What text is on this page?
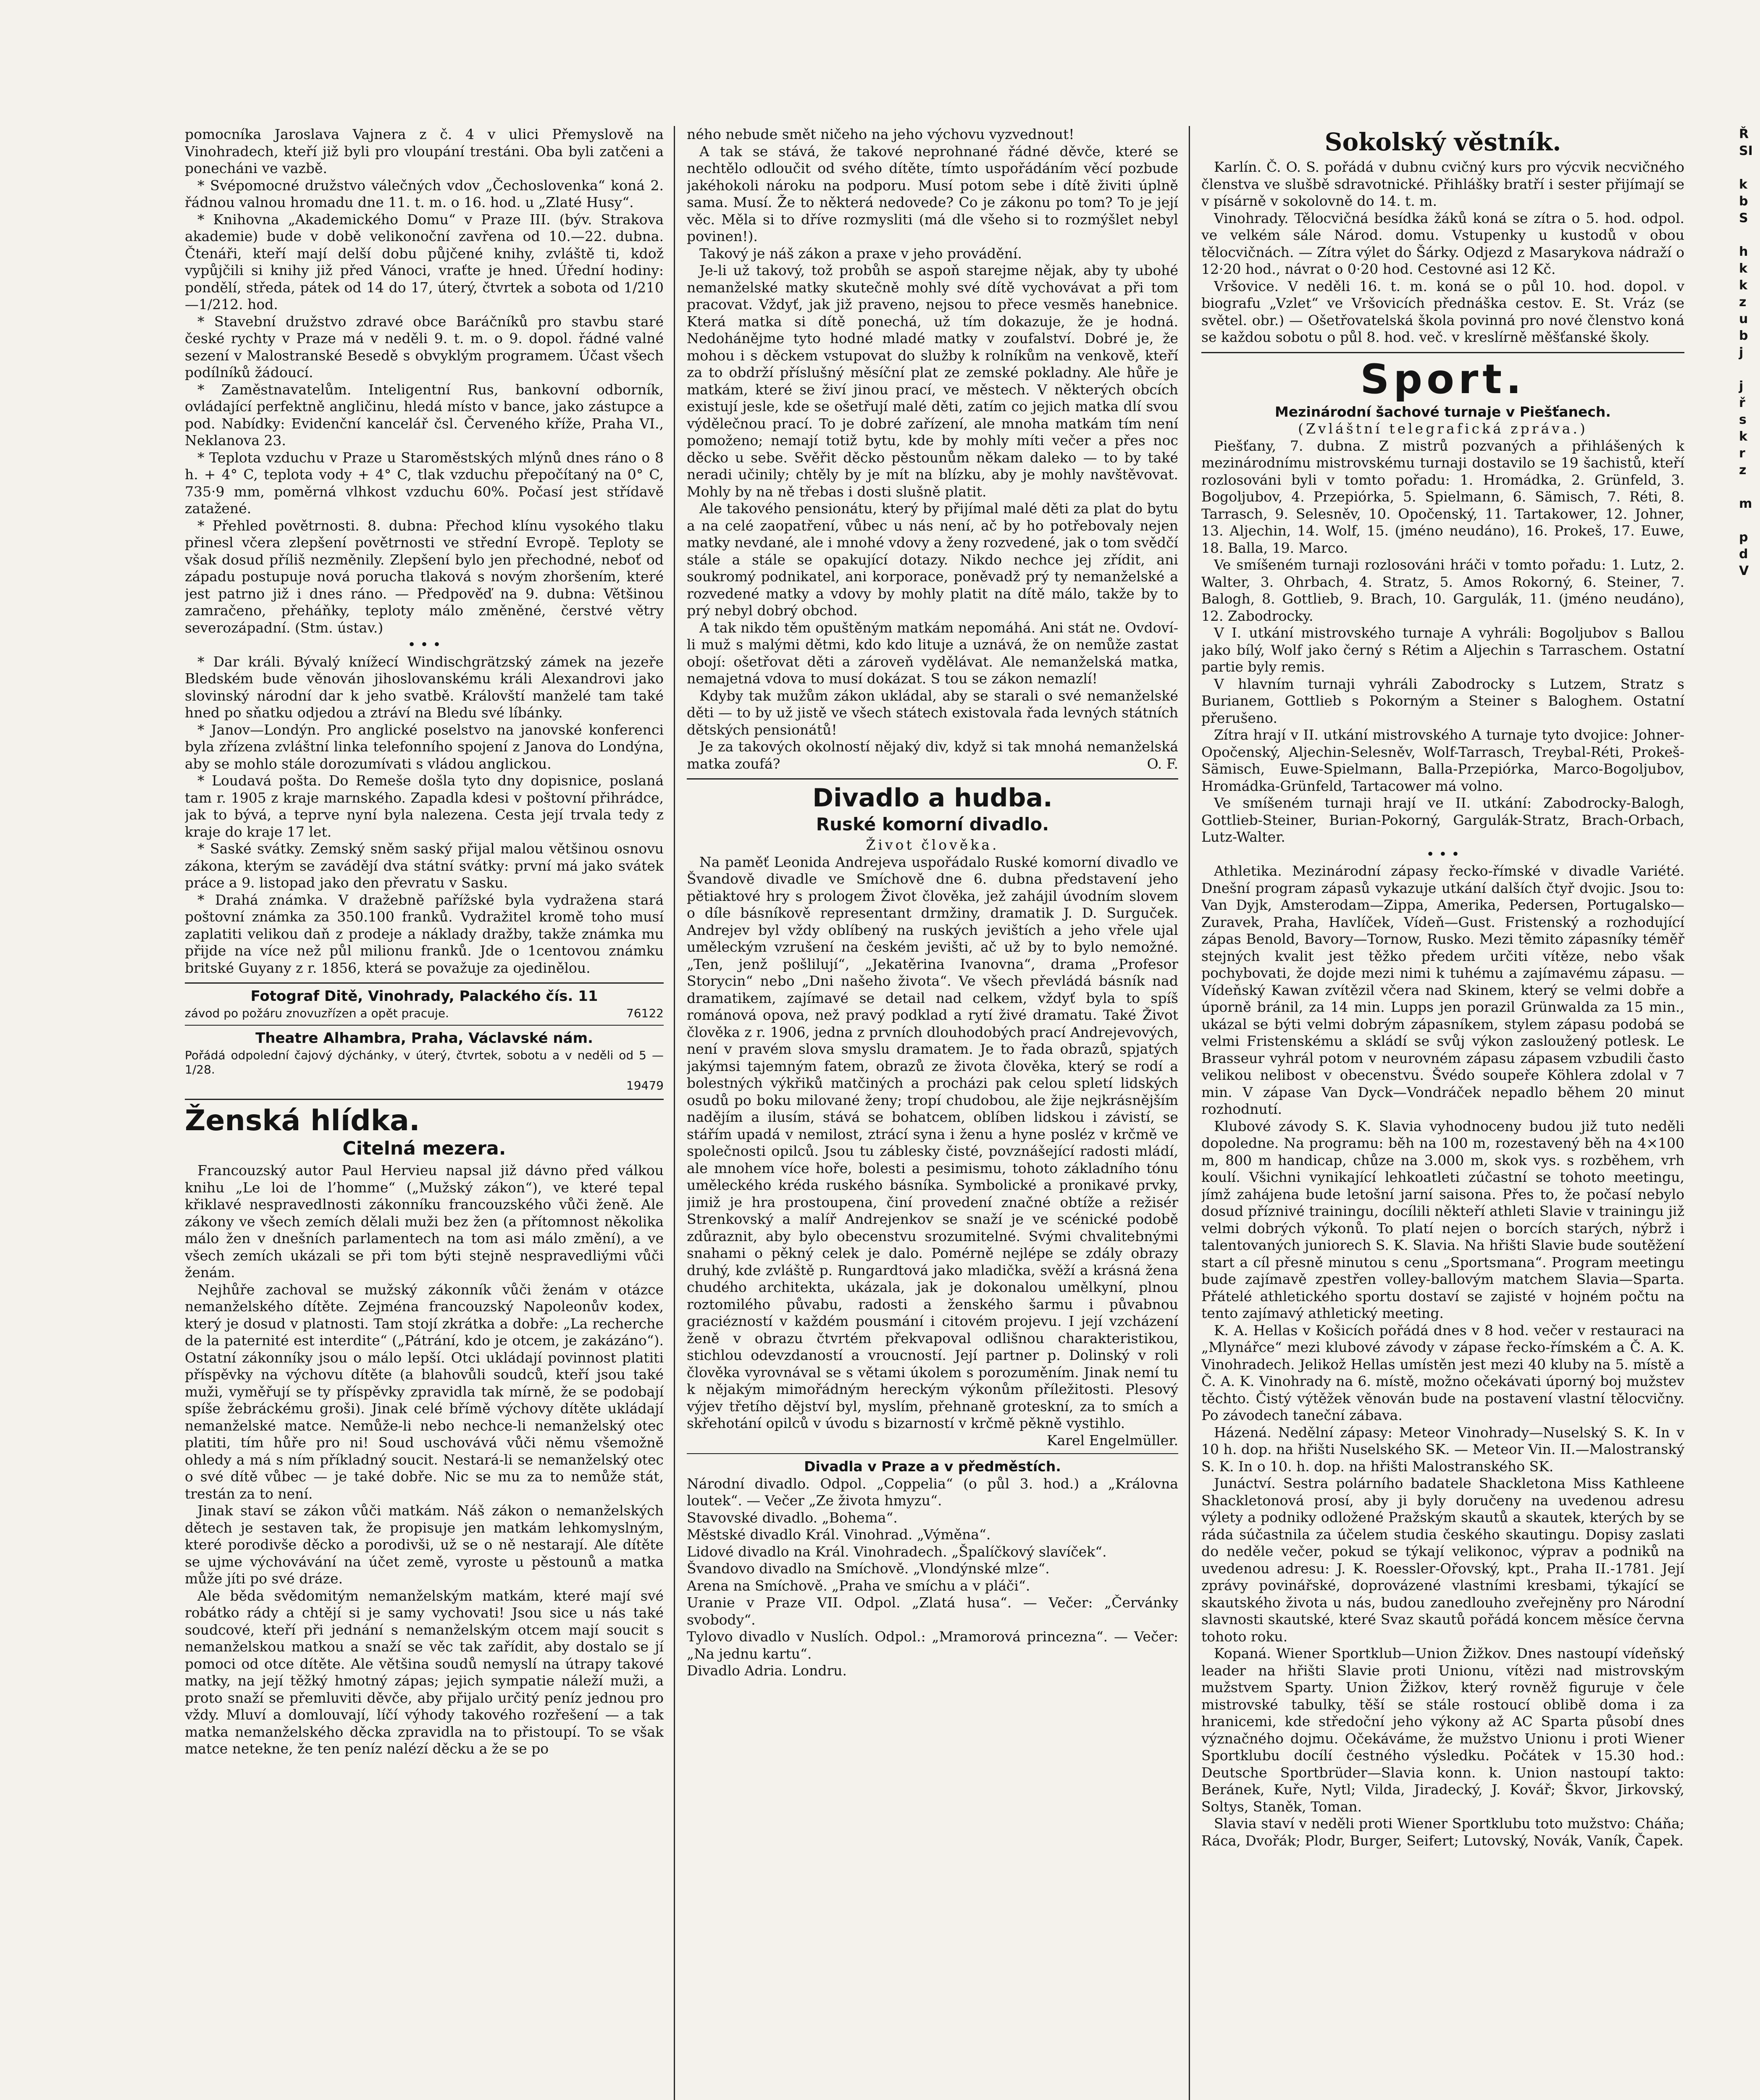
pomocníka Jaroslava Vajnera z č. 4 v ulici Přemyslově na Vinohradech, kteří již byli pro vloupání trestáni. Oba byli zatčeni a ponecháni ve vazbě.

* Svépomocné družstvo válečných vdov „Čechoslovenka“ koná 2. řádnou valnou hromadu dne 11. t. m. o 16. hod. u „Zlaté Husy“.

* Knihovna „Akademického Domu“ v Praze III. (býv. Strakova akademie) bude v době velikonoční zavřena od 10.—22. dubna. Čtenáři, kteří mají delší dobu půjčené knihy, zvláště ti, kdož vypůjčili si knihy již před Vánoci, vraťte je hned. Úřední hodiny: pondělí, středa, pátek od 14 do 17, úterý, čtvrtek a sobota od 1/210—1/212. hod.

* Stavební družstvo zdravé obce Baráčníků pro stavbu staré české rychty v Praze má v neděli 9. t. m. o 9. dopol. řádné valné sezení v Malostranské Besedě s obvyklým programem. Účast všech podílníků žádoucí.

* Zaměstnavatelům. Inteligentní Rus, bankovní odborník, ovládající perfektně angličinu, hledá místo v bance, jako zástupce a pod. Nabídky: Evidenční kancelář čsl. Červeného kříže, Praha VI., Neklanova 23.

* Teplota vzduchu v Praze u Staroměstských mlýnů dnes ráno o 8 h. + 4° C, teplota vody + 4° C, tlak vzduchu přepočítaný na 0° C, 735·9 mm, poměrná vlhkost vzduchu 60%. Počasí jest střídavě zatažené.

* Přehled povětrnosti. 8. dubna: Přechod klínu vysokého tlaku přinesl včera zlepšení povětrnosti ve střední Evropě. Teploty se však dosud příliš nezměnily. Zlepšení bylo jen přechodné, neboť od západu postupuje nová porucha tlaková s novým zhoršením, které jest patrno již i dnes ráno. — Předpověď na 9. dubna: Většinou zamračeno, přeháňky, teploty málo změněné, čerstvé větry severozápadní. (Stm. ústav.)

• • •

* Dar králi. Bývalý knížecí Windischgrätzský zámek na jezeře Bledském bude věnován jihoslovanskému králi Alexandrovi jako slovinský národní dar k jeho svatbě. Královští manželé tam také hned po sňatku odjedou a ztráví na Bledu své líbánky.

* Janov—Londýn. Pro anglické poselstvo na janovské konferenci byla zřízena zvláštní linka telefonního spojení z Janova do Londýna, aby se mohlo stále dorozumívati s vládou anglickou.

* Loudavá pošta. Do Remeše došla tyto dny dopisnice, poslaná tam r. 1905 z kraje marnského. Zapadla kdesi v poštovní přihrádce, jak to bývá, a teprve nyní byla nalezena. Cesta její trvala tedy z kraje do kraje 17 let.

* Saské svátky. Zemský sněm saský přijal malou většinou osnovu zákona, kterým se zavádějí dva státní svátky: první má jako svátek práce a 9. listopad jako den převratu v Sasku.

* Drahá známka. V dražebně pařížské byla vydražena stará poštovní známka za 350.100 franků. Vydražitel kromě toho musí zaplatiti velikou daň z prodeje a náklady dražby, takže známka mu přijde na více než půl milionu franků. Jde o 1centovou známku britské Guyany z r. 1856, která se považuje za ojedinělou.

Fotograf Ditě, Vinohrady, Palackého čís. 11
závod po požáru znovuzřízen a opět pracuje.	76122
Theatre Alhambra, Praha, Václavské nám.
Pořádá odpolední čajový dýchánky, v úterý, čtvrtek, sobotu a v neděli od 5 — 1/28.
19479
Ženská hlídka.
Citelná mezera.

Francouzský autor Paul Hervieu napsal již dávno před válkou knihu „Le loi de l’homme“ („Mužský zákon“), ve které tepal křiklavé nespravedlnosti zákonníku francouzského vůči ženě. Ale zákony ve všech zemích dělali muži bez žen (a přítomnost několika málo žen v dnešních parlamentech na tom asi málo změní), a ve všech zemích ukázali se při tom býti stejně nespravedliými vůči ženám.

Nejhůře zachoval se mužský zákonník vůči ženám v otázce nemanželského dítěte. Zejména francouzský Napoleonův kodex, který je dosud v platnosti. Tam stojí zkrátka a dobře: „La recherche de la paternité est interdite“ („Pátrání, kdo je otcem, je zakázáno“). Ostatní zákonníky jsou o málo lepší. Otci ukládají povinnost platiti příspěvky na výchovu dítěte (a blahovůli soudců, kteří jsou také muži, vyměřují se ty příspěvky zpravidla tak mírně, že se podobají spíše žebráckému groši). Jinak celé břímě výchovy dítěte ukládají nemanželské matce. Nemůže-li nebo nechce-li nemanželský otec platiti, tím hůře pro ni! Soud uschovává vůči němu všemožně ohledy a má s ním příkladný soucit. Nestará-li se nemanželský otec o své dítě vůbec — je také dobře. Nic se mu za to nemůže stát, trestán za to není.

Jinak staví se zákon vůči matkám. Náš zákon o nemanželských dětech je sestaven tak, že propisuje jen matkám lehkomyslným, které porodivše děcko a porodivši, už se o ně nestarají. Ale dítěte se ujme výchovávání na účet země, vyroste u pěstounů a matka může jíti po své dráze.

Ale běda svědomitým nemanželským matkám, které mají své robátko rády a chtějí si je samy vychovati! Jsou sice u nás také soudcové, kteří při jednání s nemanželským otcem mají soucit s nemanželskou matkou a snaží se věc tak zařídit, aby dostalo se jí pomoci od otce dítěte. Ale většina soudů nemyslí na útrapy takové matky, na její těžký hmotný zápas; jejich sympatie náleží muži, a proto snaží se přemluviti děvče, aby přijalo určitý peníz jednou pro vždy. Mluví a domlouvají, líčí výhody takového rozřešení — a tak matka nemanželského děcka zpravidla na to přistoupí. To se však matce netekne, že ten peníz nalézí děcku a že se po

ného nebude smět ničeho na jeho výchovu vyzvednout!

A tak se stává, že takové neprohnané řádné děvče, které se nechtělo odloučit od svého dítěte, tímto uspořádáním věcí pozbude jakéhokoli nároku na podporu. Musí potom sebe i dítě živiti úplně sama. Musí. Že to některá nedovede? Co je zákonu po tom? To je její věc. Měla si to dříve rozmysliti (má dle všeho si to rozmýšlet nebyl povinen!).

Takový je náš zákon a praxe v jeho provádění.

Je-li už takový, tož probůh se aspoň starejme nějak, aby ty ubohé nemanželské matky skutečně mohly své dítě vychovávat a při tom pracovat. Vždyť, jak již praveno, nejsou to přece vesměs hanebnice. Která matka si dítě ponechá, už tím dokazuje, že je hodná. Nedohánějme tyto hodné mladé matky v zoufalství. Dobré je, že mohou i s děckem vstupovat do služby k rolníkům na venkově, kteří za to obdrží příslušný měsíční plat ze zemské pokladny. Ale hůře je matkám, které se živí jinou prací, ve městech. V některých obcích existují jesle, kde se ošetřují malé děti, zatím co jejich matka dlí svou výdělečnou prací. To je dobré zařízení, ale mnoha matkám tím není pomoženo; nemají totiž bytu, kde by mohly míti večer a přes noc děcko u sebe. Svěřit děcko pěstounům někam daleko — to by také neradi učinily; chtěly by je mít na blízku, aby je mohly navštěvovat. Mohly by na ně třebas i dosti slušně platit.

Ale takového pensionátu, který by přijímal malé děti za plat do bytu a na celé zaopatření, vůbec u nás není, ač by ho potřebovaly nejen matky nevdané, ale i mnohé vdovy a ženy rozvedené, jak o tom svědčí stále a stále se opakující dotazy. Nikdo nechce jej zřídit, ani soukromý podnikatel, ani korporace, poněvadž prý ty nemanželské a rozvedené matky a vdovy by mohly platit na dítě málo, takže by to prý nebyl dobrý obchod.

A tak nikdo těm opuštěným matkám nepomáhá. Ani stát ne. Ovdoví-li muž s malými dětmi, kdo kdo lituje a uznává, že on nemůže zastat obojí: ošetřovat děti a zároveň vydělávat. Ale nemanželská matka, nemajetná vdova to musí dokázat. S tou se zákon nemazlí!

Kdyby tak mužům zákon ukládal, aby se starali o své nemanželské děti — to by už jistě ve všech státech existovala řada levných státních dětských pensionátů!

Je za takových okolností nějaký div, když si tak mnohá nemanželská matka zoufá?	O. F.

Divadlo a hudba.
Ruské komorní divadlo.
Život člověka.

Na paměť Leonida Andrejeva uspořádalo Ruské komorní divadlo ve Švandově divadle ve Smíchově dne 6. dubna představení jeho pětiaktové hry s prologem Život člověka, jež zahájil úvodním slovem o díle básníkově representant drmžiny, dramatik J. D. Surguček. Andrejev byl vždy oblíbený na ruských jevištích a jeho vřele ujal uměleckým vzrušení na českém jevišti, ač už by to bylo nemožné. „Ten, jenž pošlilují“, „Jekatěrina Ivanovna“, drama „Profesor Storycin“ nebo „Dni našeho života“. Ve všech převládá básník nad dramatikem, zajímavé se detail nad celkem, vždyť byla to spíš románová opova, než pravý podklad a rytí živé dramatu. Také Život člověka z r. 1906, jedna z prvních dlouhodobých prací Andrejevových, není v pravém slova smyslu dramatem. Je to řada obrazů, spjatých jakýmsi tajemným fatem, obrazů ze života člověka, který se rodí a bolestných výkřiků matčiných a procházi pak celou spletí lidských osudů po boku milované ženy; tropí chudobou, ale žije nejkrásnějším nadějím a ilusím, stává se bohatcem, oblíben lidskou i závistí, se stářím upadá v nemilost, ztrácí syna i ženu a hyne posléz v krčmě ve společnosti opilců. Jsou tu záblesky čisté, povznášející radosti mládí, ale mnohem více hoře, bolesti a pesimismu, tohoto základního tónu uměleckého kréda ruského básníka. Symbolické a pronikavé prvky, jimiž je hra prostoupena, činí provedení značné obtíže a režisér Strenkovský a malíř Andrejenkov se snaží je ve scénické podobě zdůraznit, aby bylo obecenstvu srozumitelné. Svými chvalitebnými snahami o pěkný celek je dalo. Pomérně nejlépe se zdály obrazy druhý, kde zvláště p. Rungardtová jako mladička, svěží a krásná žena chudého architekta, ukázala, jak je dokonalou umělkyní, plnou roztomilého půvabu, radosti a ženského šarmu i půvabnou graciézností v každém pousmání i citovém projevu. I její vzcházení ženě v obrazu čtvrtém překvapoval odlišnou charakteristikou, stichlou odevzdaností a vroucností. Její partner p. Dolinský v roli člověka vyrovnával se s větami úkolem s porozuměním. Jinak nemí tu k nějakým mimořádným hereckým výkonům příležitosti. Plesový výjev třetího dějství byl, myslím, přehnaně groteskní, za to smích a skřehotání opilců v úvodu s bizarností v krčmě pěkně vystihlo.

Karel Engelmüller.

Divadla v Praze a v předměstích.

Národní divadlo. Odpol. „Coppelia“ (o půl 3. hod.) a „Královna loutek“. — Večer „Ze života hmyzu“.

Stavovské divadlo. „Bohema“.

Městské divadlo Král. Vinohrad. „Výměna“.

Lidové divadlo na Král. Vinohradech. „Špalíčkový slavíček“.

Švandovo divadlo na Smíchově. „Vlondýnské mlze“.

Arena na Smíchově. „Praha ve smíchu a v pláči“.

Uranie v Praze VII. Odpol. „Zlatá husa“. — Večer: „Červánky svobody“.

Tylovo divadlo v Nuslích. Odpol.: „Mramorová princezna“. — Večer: „Na jednu kartu“.

Divadlo Adria. Londru.

Sokolský věstník.

Karlín. Č. O. S. pořádá v dubnu cvičný kurs pro výcvik necvičného členstva ve slušbě sdravotnické. Přihlášky bratří i sester přijímají se v písárně v sokolovně do 14. t. m.

Vinohrady. Tělocvičná besídka žáků koná se zítra o 5. hod. odpol. ve velkém sále Národ. domu. Vstupenky u kustodů v obou tělocvičnách. — Zítra výlet do Šárky. Odjezd z Masarykova nádraží o 12·20 hod., návrat o 0·20 hod. Cestovné asi 12 Kč.

Vršovice. V neděli 16. t. m. koná se o půl 10. hod. dopol. v biografu „Vzlet“ ve Vršovicích přednáška cestov. E. St. Vráz (se světel. obr.) — Ošetřovatelská škola povinná pro nové členstvo koná se každou sobotu o půl 8. hod. več. v kreslírně měšťanské školy.

Sport.
Mezinárodní šachové turnaje v Piešťanech.
(Zvláštní telegrafická zpráva.)

Piešťany, 7. dubna. Z mistrů pozvaných a přihlášených k mezinárodnímu mistrovskému turnaji dostavilo se 19 šachistů, kteří rozlosováni byli v tomto pořadu: 1. Hromádka, 2. Grünfeld, 3. Bogoljubov, 4. Przepiórka, 5. Spielmann, 6. Sämisch, 7. Réti, 8. Tarrasch, 9. Selesněv, 10. Opočenský, 11. Tartakower, 12. Johner, 13. Aljechin, 14. Wolf, 15. (jméno neudáno), 16. Prokeš, 17. Euwe, 18. Balla, 19. Marco.

Ve smíšeném turnaji rozlosováni hráči v tomto pořadu: 1. Lutz, 2. Walter, 3. Ohrbach, 4. Stratz, 5. Amos Rokorný, 6. Steiner, 7. Balogh, 8. Gottlieb, 9. Brach, 10. Gargulák, 11. (jméno neudáno), 12. Zabodrocky.

V I. utkání mistrovského turnaje A vyhráli: Bogoljubov s Ballou jako bílý, Wolf jako černý s Rétim a Aljechin s Tarraschem. Ostatní partie byly remis.

V hlavním turnaji vyhráli Zabodrocky s Lutzem, Stratz s Burianem, Gottlieb s Pokorným a Steiner s Baloghem. Ostatní přerušeno.

Zítra hrají v II. utkání mistrovského A turnaje tyto dvojice: Johner-Opočenský, Aljechin-Selesněv, Wolf-Tarrasch, Treybal-Réti, Prokeš-Sämisch, Euwe-Spielmann, Balla-Przepiórka, Marco-Bogoljubov, Hromádka-Grünfeld, Tartacower má volno.

Ve smíšeném turnaji hrají ve II. utkání: Zabodrocky-Balogh, Gottlieb-Steiner, Burian-Pokorný, Gargulák-Stratz, Brach-Orbach, Lutz-Walter.

• • •

Athletika. Mezinárodní zápasy řecko-římské v divadle Variété. Dnešní program zápasů vykazuje utkání dalších čtyř dvojic. Jsou to: Van Dyjk, Amsterodam—Zippa, Amerika, Pedersen, Portugalsko—Zuravek, Praha, Havlíček, Vídeň—Gust. Fristenský a rozhodující zápas Benold, Bavory—Tornow, Rusko. Mezi těmito zápasníky téměř stejných kvalit jest těžko předem určiti vítěze, nebo však pochybovati, že dojde mezi nimi k tuhému a zajímavému zápasu. — Vídeňský Kawan zvítězil včera nad Skinem, který se velmi dobře a úporně bránil, za 14 min. Lupps jen porazil Grünwalda za 15 min., ukázal se býti velmi dobrým zápasníkem, stylem zápasu podobá se velmi Fristenskému a skládí se svůj výkon zasloužený potlesk. Le Brasseur vyhrál potom v neurovném zápasu zápasem vzbudili často velikou nelibost v obecenstvu. Švédo soupeře Köhlera zdolal v 7 min. V zápase Van Dyck—Vondráček nepadlo během 20 minut rozhodnutí.

Klubové závody S. K. Slavia vyhodnoceny budou již tuto neděli dopoledne. Na programu: běh na 100 m, rozestavený běh na 4×100 m, 800 m handicap, chůze na 3.000 m, skok vys. s rozběhem, vrh koulí. Všichni vynikající lehkoatleti zúčastní se tohoto meetingu, jímž zahájena bude letošní jarní saisona. Přes to, že počasí nebylo dosud příznivé trainingu, docílili někteří athleti Slavie v trainingu již velmi dobrých výkonů. To platí nejen o borcích starých, nýbrž i talentovaných juniorech S. K. Slavia. Na hřišti Slavie bude soutěžení start a cíl přesně minutou s cenu „Sportsmana“. Program meetingu bude zajímavě zpestřen volley-ballovým matchem Slavia—Sparta. Přátelé athletického sportu dostaví se zajisté v hojném počtu na tento zajímavý athletický meeting.

K. A. Hellas v Košicích pořádá dnes v 8 hod. večer v restauraci na „Mlynářce“ mezi klubové závody v zápase řecko-římském a Č. A. K. Vinohradech. Jelikož Hellas umístěn jest mezi 40 kluby na 5. místě a Č. A. K. Vinohrady na 6. místě, možno očekávati úporný boj mužstev těchto. Čistý výtěžek věnován bude na postavení vlastní tělocvičny. Po závodech taneční zábava.

Házená. Nedělní zápasy: Meteor Vinohrady—Nuselský S. K. In v 10 h. dop. na hřišti Nuselského SK. — Meteor Vin. II.—Malostranský S. K. In o 10. h. dop. na hřišti Malostranského SK.

Junáctví. Sestra polárního badatele Shackletona Miss Kathleene Shackletonová prosí, aby ji byly doručeny na uvedenou adresu výlety a podniky odložené Pražským skautů a skautek, kterých by se ráda súčastnila za účelem studia českého skautingu. Dopisy zaslati do neděle večer, pokud se týkají velikonoc, výprav a podniků na uvedenou adresu: J. K. Roessler-Ořovský, kpt., Praha II.-1781. Její zprávy povinářské, doprovázené vlastními kresbami, týkající se skautského života u nás, budou zanedlouho zveřejněny pro Národní slavnosti skautské, které Svaz skautů pořádá koncem měsíce června tohoto roku.

Kopaná. Wiener Sportklub—Union Žižkov. Dnes nastoupí vídeňský leader na hřišti Slavie proti Unionu, vítězi nad mistrovským mužstvem Sparty. Union Žižkov, který rovněž figuruje v čele mistrovské tabulky, těší se stále rostoucí oblibě doma i za hranicemi, kde středoční jeho výkony až AC Sparta působí dnes význačného dojmu. Očekáváme, že mužstvo Unionu i proti Wiener Sportklubu docílí čestného výsledku. Počátek v 15.30 hod.: Deutsche Sportbrüder—Slavia konn. k. Union nastoupí takto: Beránek, Kuře, Nytl; Vilda, Jiradecký, J. Kovář; Škvor, Jirkovský, Soltys, Staněk, Toman.

Slavia staví v neděli proti Wiener Sportklubu toto mužstvo: Cháňa; Ráca, Dvořák; Plodr, Burger, Seifert; Lutovský, Novák, Vaník, Čapek.

Ř
SI

k
b
S

h
k
k
z
u
b
j

j
ř
s
k
r
z

m

p
d
V
